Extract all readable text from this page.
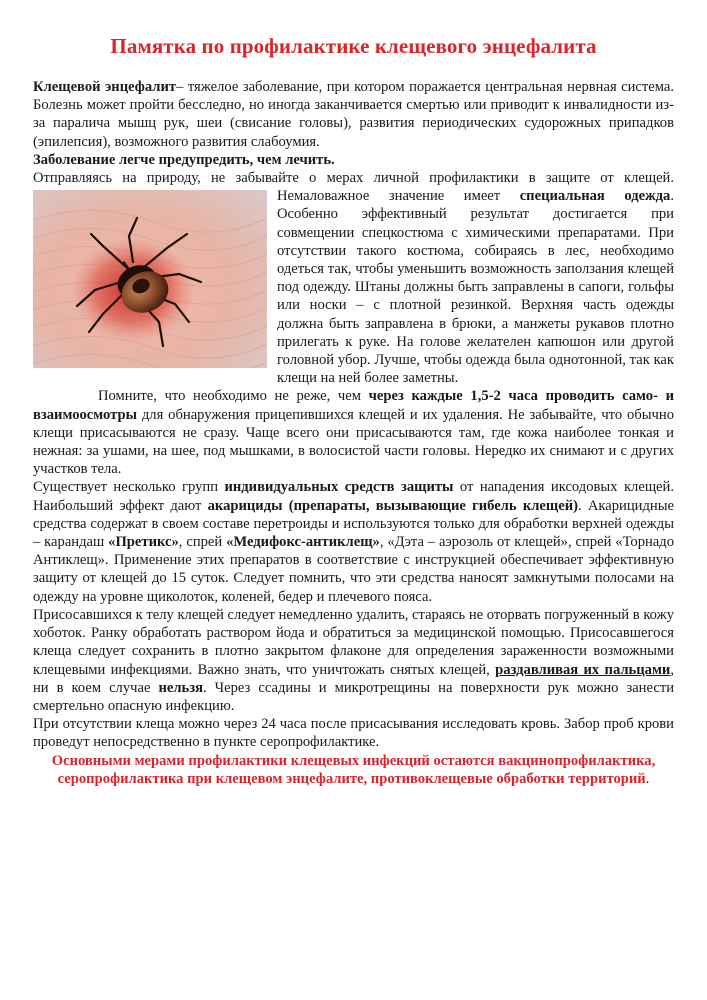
Памятка по профилактике клещевого энцефалита

Клещевой энцефалит– тяжелое заболевание, при котором поражается центральная нервная система. Болезнь может пройти бесследно, но иногда заканчивается смертью или приводит к инвалидности из-за паралича мышц рук, шеи (свисание головы), развития периодических судорожных припадков (эпилепсия), возможного развития слабоумия.

Заболевание легче предупредить, чем лечить.

Отправляясь на природу, не забывайте о мерах личной профилактики в защите от клещей. Немаловажное значение имеет специальная одежда
. Особенно эффективный результат достигается при совмещении спецкостюма с химическими препаратами. При отсутствии такого костюма, собираясь в лес, необходимо одеться так, чтобы уменьшить возможность заползания клещей под одежду. Штаны должны быть заправлены в сапоги, гольфы или носки – с плотной резинкой. Верхняя часть одежды должна быть заправлена в брюки, а манжеты рукавов плотно прилегать к руке. На голове желателен капюшон или другой головной убор. Лучше, чтобы одежда была однотонной, так как клещи на ней более заметны.

Помните, что необходимо не реже, чем через каждые 1,5-2 часа проводить само- и взаимоосмотры для обнаружения прицепившихся клещей и их удаления. Не забывайте, что обычно клещи присасываются не сразу. Чаще всего они присасываются там, где кожа наиболее тонкая и нежная: за ушами, на шее, под мышками, в волосистой части головы. Нередко их снимают и с других участков тела.

Существует несколько групп индивидуальных средств защиты от нападения иксодовых клещей. Наибольший эффект дают акарициды (препараты, вызывающие гибель клещей). Акарицидные средства содержат в своем составе перетроиды и используются только для обработки верхней одежды – карандаш «Претикс», спрей «Медифокс-антиклещ», «Дэта – аэрозоль от клещей», спрей «Торнадо Антиклещ». Применение этих препаратов в соответствие с инструкцией обеспечивает эффективную защиту от клещей до 15 суток. Следует помнить, что эти средства наносят замкнутыми полосами на одежду на уровне щиколоток, коленей, бедер и плечевого пояса.

Присосавшихся к телу клещей следует немедленно удалить, стараясь не оторвать погруженный в кожу хоботок. Ранку обработать раствором йода и обратиться за медицинской помощью. Присосавшегося клеща следует сохранить в плотно закрытом флаконе для определения зараженности возможными клещевыми инфекциями. Важно знать, что уничтожать снятых клещей, раздавливая их пальцами, ни в коем случае нельзя. Через ссадины и микротрещины на поверхности рук можно занести смертельно опасную инфекцию.

При отсутствии клеща можно через 24 часа после присасывания исследовать кровь. Забор проб крови проведут непосредственно в пункте серопрофилактике.

Основными мерами профилактики клещевых инфекций остаются вакцинопрофилактика, серопрофилактика при клещевом энцефалите, противоклещевые обработки территорий.
